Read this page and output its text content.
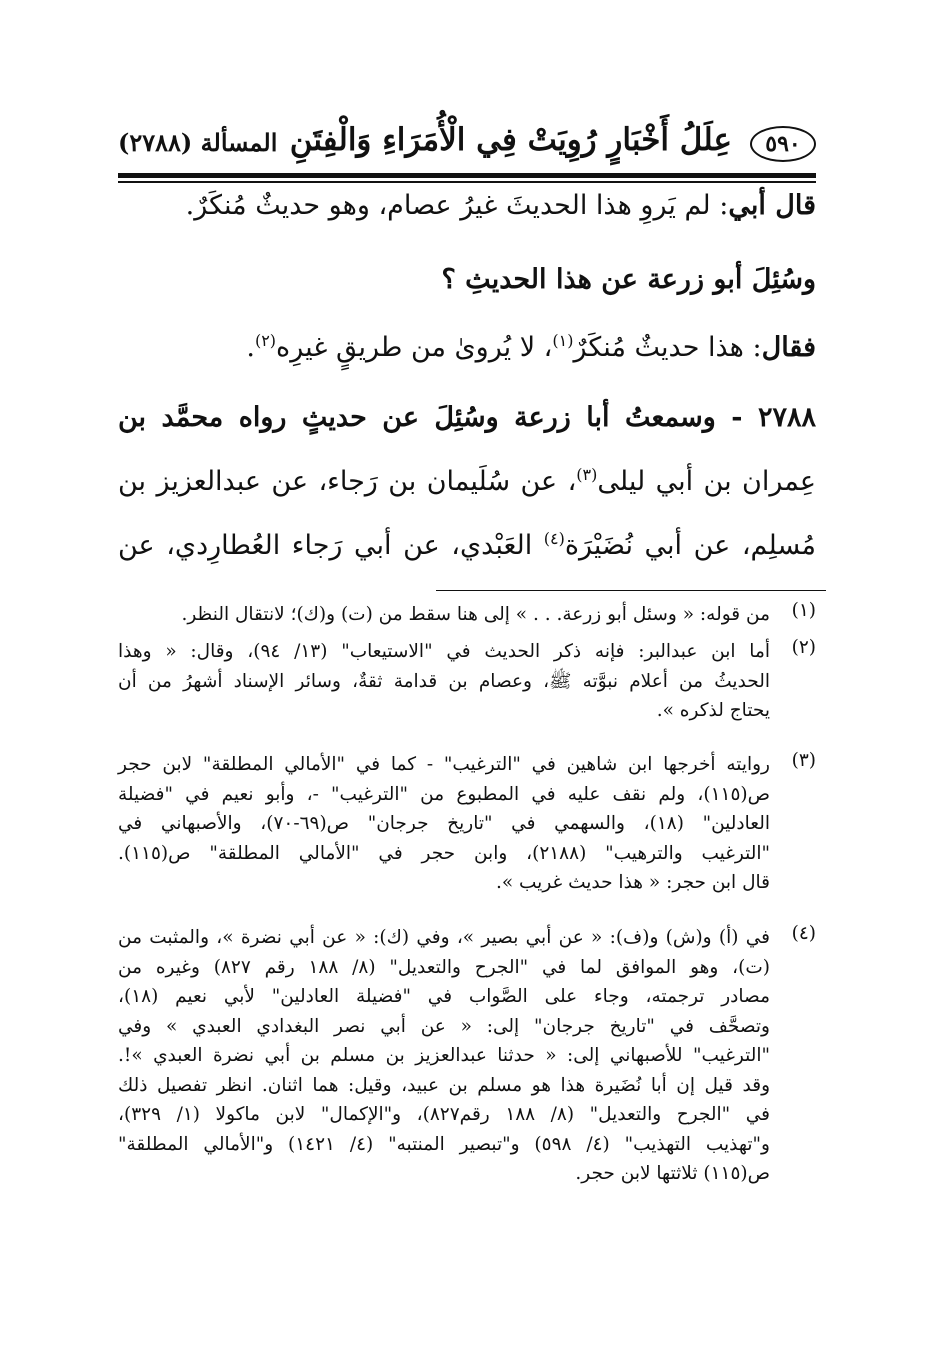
٥٩٠
عِلَلُ أَخْبَارٍ رُوِيَتْ فِي الْأُمَرَاءِ وَالْفِتَنِ
المسألة (٢٧٨٨)
قال أبي: لم يَروِ هذا الحديثَ غيرُ عصام، وهو حديثٌ مُنكَرٌ.
وسُئِلَ أبو زرعة عن هذا الحديثِ ؟
فقال: هذا حديثٌ مُنكَرٌ$^{(١)}$، لا يُروىٰ من طريقٍ غيرِه$^{(٢)}$.
٢٧٨٨ - وسمعتُ أبا زرعة وسُئِلَ عن حديثٍ رواه محمَّد بن
عِمران بن أبي ليلى$^{(٣)}$، عن سُلَيمان بن رَجاء، عن عبدالعزيز بن
مُسلِم، عن أبي نُضَيْرَة$^{(٤)}$ العَبْدي، عن أبي رَجاء العُطارِدي، عن
(١)
من قوله: « وسئل أبو زرعة. . . » إلى هنا سقط من (ت) و(ك)؛ لانتقال النظر.
(٢)
أما ابن عبدالبر: فإنه ذكر الحديث في "الاستيعاب" (١٣/ ٩٤)، وقال: « وهذا
الحديثُ من أعلام نبوَّته ﷺ، وعصام بن قدامة ثقةٌ، وسائر الإسناد أشهرُ من أن
يحتاج لذكره ».
(٣)
روايته أخرجها ابن شاهين في "الترغيب" - كما في "الأمالي المطلقة" لابن حجر
ص(١١٥)، ولم نقف عليه في المطبوع من "الترغيب" -، وأبو نعيم في "فضيلة
العادلين" (١٨)، والسهمي في "تاريخ جرجان" ص(٦٩-٧٠)، والأصبهاني في
"الترغيب والترهيب" (٢١٨٨)، وابن حجر في "الأمالي المطلقة" ص(١١٥).
قال ابن حجر: « هذا حديث غريب ».
(٤)
في (أ) و(ش) و(ف): « عن أبي بصير »، وفي (ك): « عن أبي نضرة »، والمثبت من
(ت)، وهو الموافق لما في "الجرح والتعديل" (٨/ ١٨٨ رقم ٨٢٧) وغيره من
مصادر ترجمته، وجاء على الصَّواب في "فضيلة العادلين" لأبي نعيم (١٨)،
وتصحَّف في "تاريخ جرجان" إلى: « عن أبي نصر البغدادي العبدي » وفي
"الترغيب" للأصبهاني إلى: « حدثنا عبدالعزيز بن مسلم بن أبي نضرة العبدي »!.
وقد قيل إن أبا نُضَيرة هذا هو مسلم بن عبيد، وقيل: هما اثنان. انظر تفصيل ذلك
في "الجرح والتعديل" (٨/ ١٨٨ رقم٨٢٧)، و"الإكمال" لابن ماكولا (١/ ٣٢٩)،
و"تهذيب التهذيب" (٤/ ٥٩٨) و"تبصير المنتبه" (٤/ ١٤٢١) و"الأمالي المطلقة"
ص(١١٥) ثلاثتها لابن حجر.
